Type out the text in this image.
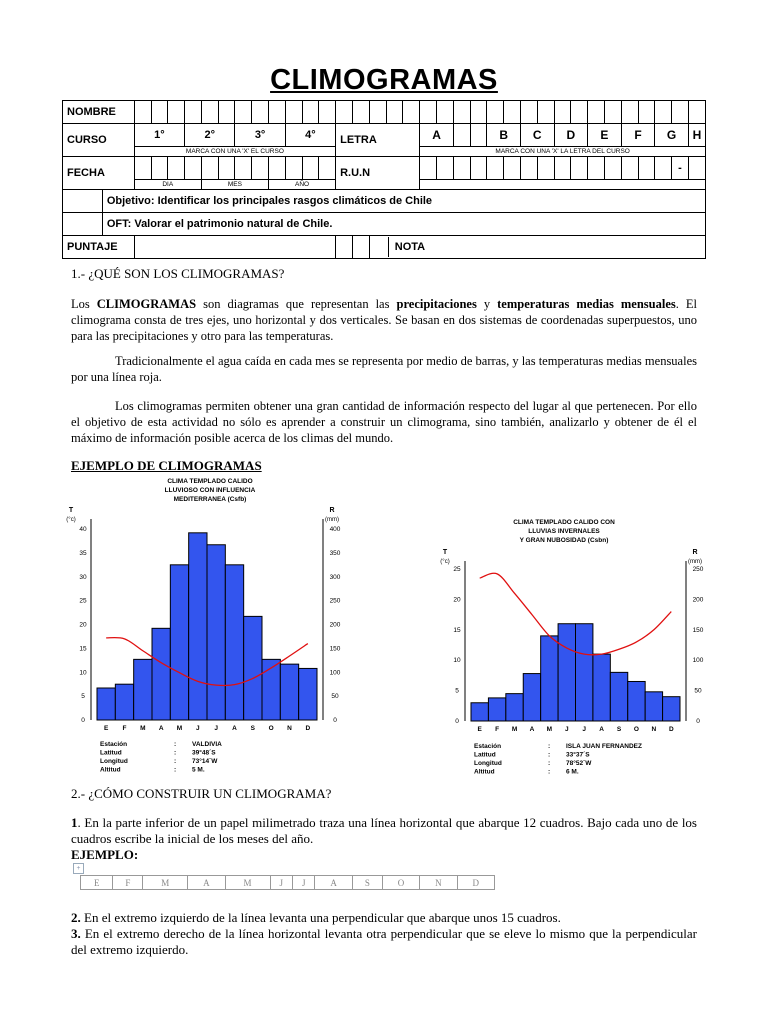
CLIMOGRAMAS
NOMBRE																																			
CURSO		1°			2°			3°			4°			LETRA					A				B		C		D		E		F		G		H
		MARCA CON UNA 'X' EL CURSO																	MARCA CON UNA 'X' LA LETRA DEL CURSO																
FECHA														R.U.N																				-	
		DIA				MES				AÑO																									
	Objetivo: Identificar los principales rasgos climáticos de Chile																																		
	OFT: Valorar el patrimonio natural de Chile.																																		
PUNTAJE																NOTA																			
1.- ¿QUÉ SON LOS CLIMOGRAMAS?

Los CLIMOGRAMAS son diagramas que representan las precipitaciones y temperaturas medias mensuales. El climograma consta de tres ejes, uno horizontal y dos verticales. Se basan en dos sistemas de coordenadas superpuestos, uno para las precipitaciones y otro para las temperaturas.

Tradicionalmente el agua caída en cada mes se representa por medio de barras, y las temperaturas medias mensuales por una línea roja.

Los climogramas permiten obtener una gran cantidad de información respecto del lugar al que pertenecen. Por ello el objetivo de esta actividad no sólo es aprender a construir un climograma, sino también, analizarlo y obtener de él el máximo de información posible acerca de los climas del mundo.

EJEMPLO DE CLIMOGRAMAS
CLIMA TEMPLADO CALIDO
LLUVIOSO CON INFLUENCIA
MEDITERRANEA (Csfb)
T
(°c)
R
(mm)
40
35
30
25
20
15
10
5
0
400
350
300
250
200
150
100
50
0
E F M A M J J A S O N D
Estación	: VALDIVIA
Latitud	: 39°48´S
Longitud	: 73°14´W
Altitud	: 5 M.
CLIMA TEMPLADO CALIDO CON
LLUVIAS INVERNALES
Y GRAN NUBOSIDAD (Csbn)
T
(°c)
R
(mm)
25
20
15
10
5
0
250
200
150
100
50
0
E F M A M J J A S O N D
Estación	: ISLA JUAN FERNANDEZ
Latitud	: 33°37´S
Longitud	: 78°52´W
Altitud	: 6 M.
2.- ¿CÓMO CONSTRUIR UN CLIMOGRAMA?

1. En la parte inferior de un papel milimetrado traza una línea horizontal que abarque 12 cuadros. Bajo cada uno de los cuadros escribe la inicial de los meses del año.

EJEMPLO:
+
E	F	M	A	M	J	J	A	S	O	N	D

2. En el extremo izquierdo de la línea levanta una perpendicular que abarque unos 15 cuadros.

3. En el extremo derecho de la línea horizontal levanta otra perpendicular que se eleve lo mismo que la perpendicular del extremo izquierdo.
